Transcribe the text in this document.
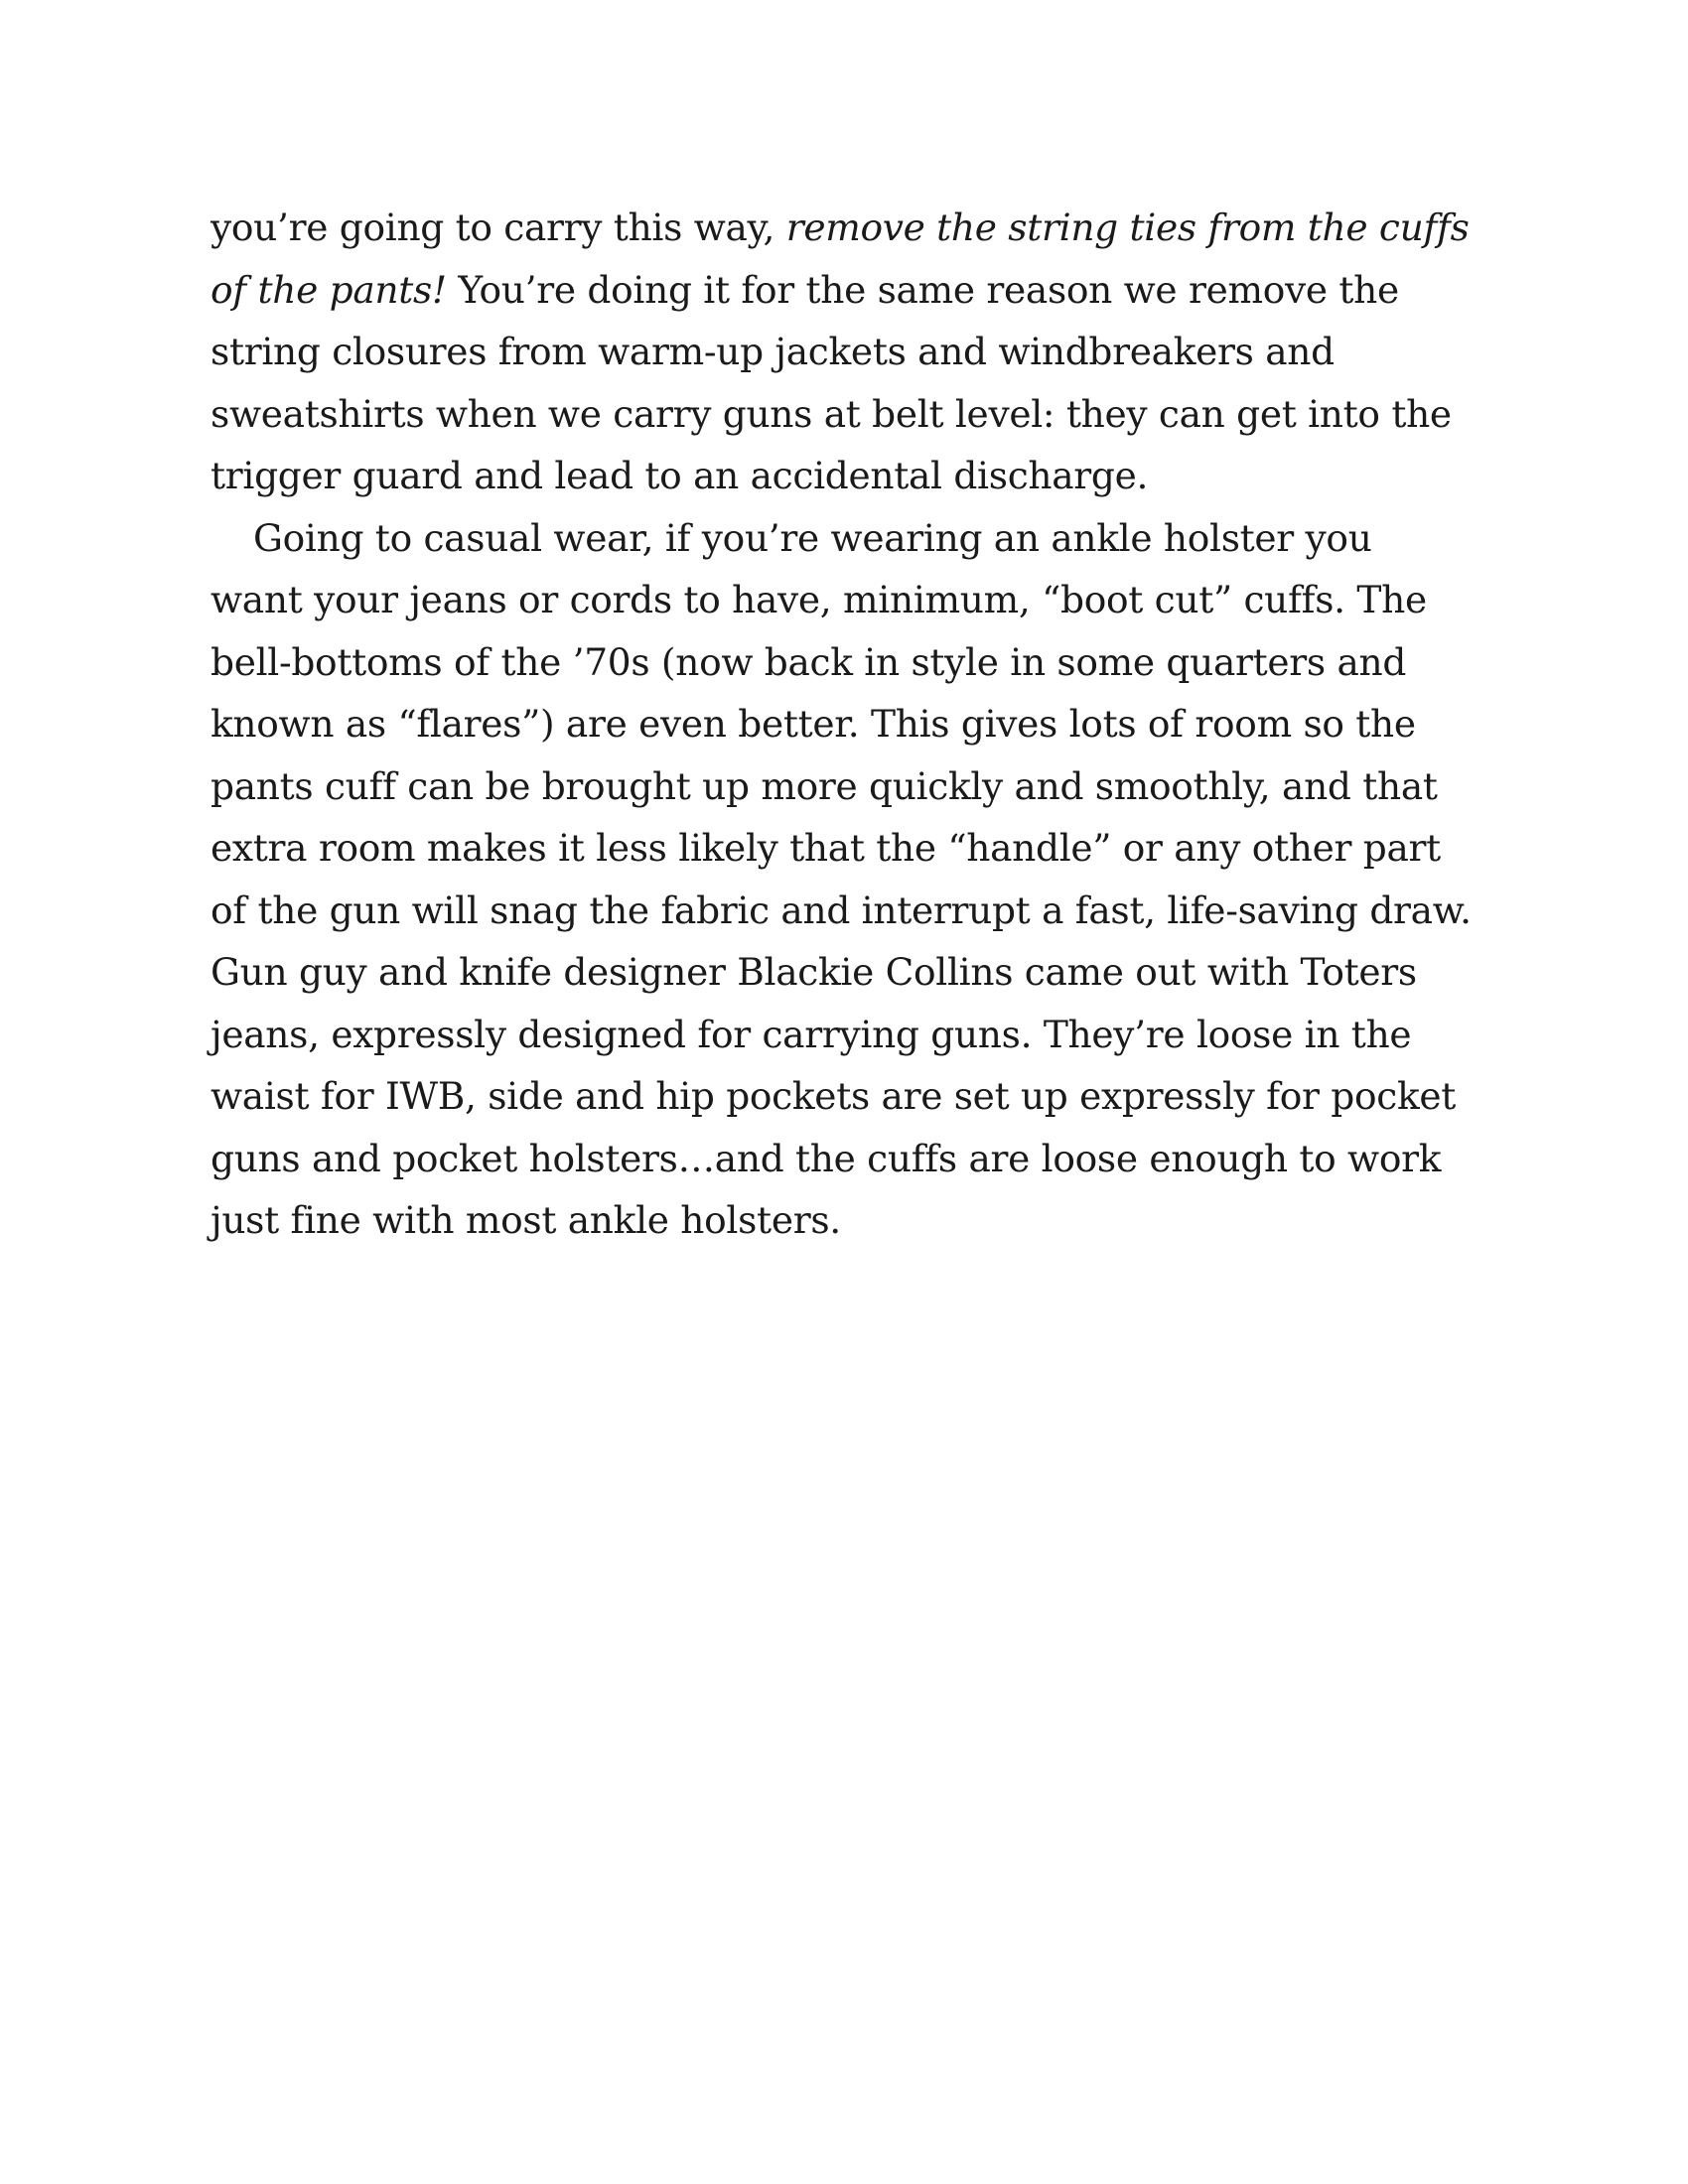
you’re going to carry this way, remove the string ties from the cuffs of the pants! You’re doing it for the same reason we remove the string closures from warm-up jackets and windbreakers and sweatshirts when we carry guns at belt level: they can get into the trigger guard and lead to an accidental discharge.

Going to casual wear, if you’re wearing an ankle holster you want your jeans or cords to have, minimum, “boot cut” cuffs. The bell-bottoms of the ’70s (now back in style in some quarters and known as “flares”) are even better. This gives lots of room so the pants cuff can be brought up more quickly and smoothly, and that extra room makes it less likely that the “handle” or any other part of the gun will snag the fabric and interrupt a fast, life-saving draw. Gun guy and knife designer Blackie Collins came out with Toters jeans, expressly designed for carrying guns. They’re loose in the waist for IWB, side and hip pockets are set up expressly for pocket guns and pocket holsters…and the cuffs are loose enough to work just fine with most ankle holsters.
